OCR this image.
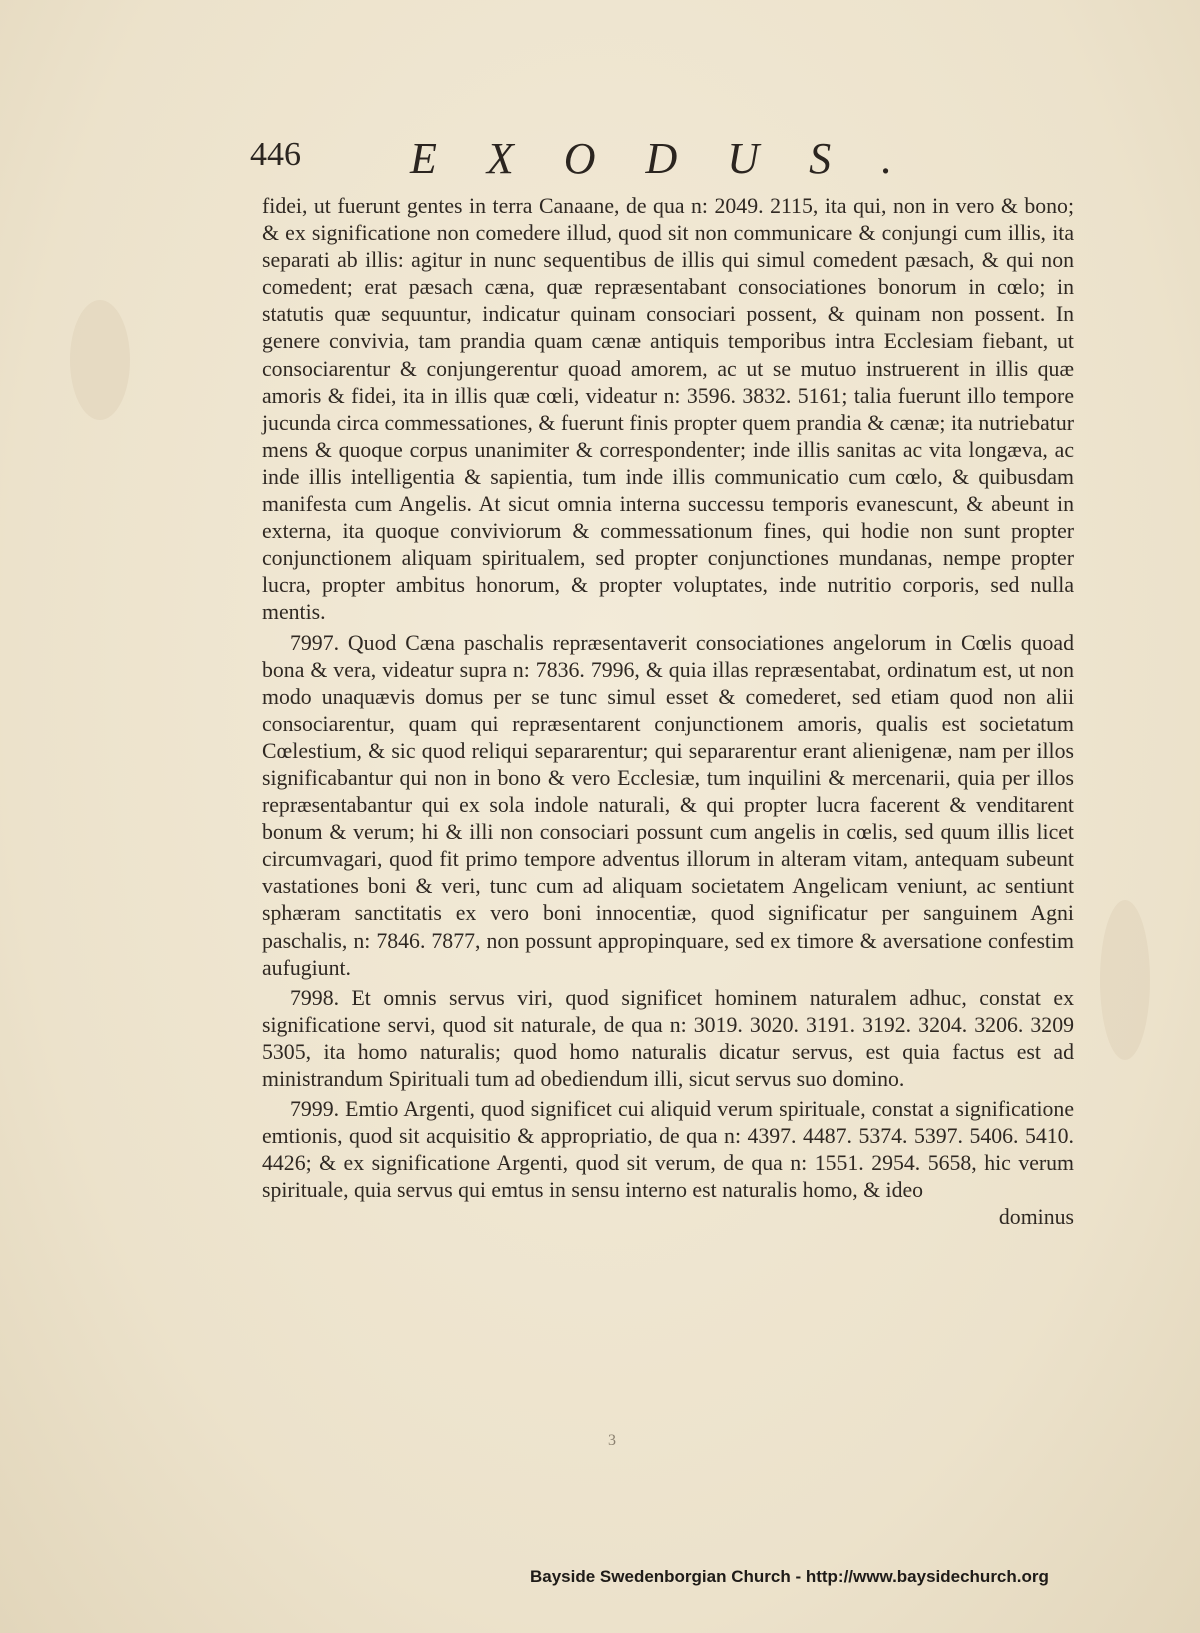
446 EXODUS.

fidei, ut fuerunt gentes in terra Canaane, de qua n: 2049. 2115, ita qui, non in vero & bono; & ex significatione non comedere illud, quod sit non communicare & conjungi cum illis, ita separati ab illis: agitur in nunc sequentibus de illis qui simul comedent pæsach, & qui non comedent; erat pæsach cæna, quæ repræsentabant consociationes bonorum in cœlo; in statutis quæ sequuntur, indicatur quinam consociari possent, & quinam non possent. In genere convivia, tam prandia quam cænæ antiquis temporibus intra Ecclesiam fiebant, ut consociarentur & conjungerentur quoad amorem, ac ut se mutuo instruerent in illis quæ amoris & fidei, ita in illis quæ cœli, videatur n: 3596. 3832. 5161; talia fuerunt illo tempore jucunda circa commessationes, & fuerunt finis propter quem prandia & cænæ; ita nutriebatur mens & quoque corpus unanimiter & correspondenter; inde illis sanitas ac vita longæva, ac inde illis intelligentia & sapientia, tum inde illis communicatio cum cœlo, & quibusdam manifesta cum Angelis. At sicut omnia interna successu temporis evanescunt, & abeunt in externa, ita quoque conviviorum & commessationum fines, qui hodie non sunt propter conjunctionem aliquam spiritualem, sed propter conjunctiones mundanas, nempe propter lucra, propter ambitus honorum, & propter voluptates, inde nutritio corporis, sed nulla mentis.

7997. Quod Cæna paschalis repræsentaverit consociationes angelorum in Cœlis quoad bona & vera, videatur supra n: 7836. 7996, & quia illas repræsentabat, ordinatum est, ut non modo unaquævis domus per se tunc simul esset & comederet, sed etiam quod non alii consociarentur, quam qui repræsentarent conjunctionem amoris, qualis est societatum Cœlestium, & sic quod reliqui separarentur; qui separarentur erant alienigenæ, nam per illos significabantur qui non in bono & vero Ecclesiæ, tum inquilini & mercenarii, quia per illos repræsentabantur qui ex sola indole naturali, & qui propter lucra facerent & venditarent bonum & verum; hi & illi non consociari possunt cum angelis in cœlis, sed quum illis licet circumvagari, quod fit primo tempore adventus illorum in alteram vitam, antequam subeunt vastationes boni & veri, tunc cum ad aliquam societatem Angelicam veniunt, ac sentiunt sphæram sanctitatis ex vero boni innocentiæ, quod significatur per sanguinem Agni paschalis, n: 7846. 7877, non possunt appropinquare, sed ex timore & aversatione confestim aufugiunt.

7998. Et omnis servus viri, quod significet hominem naturalem adhuc, constat ex significatione servi, quod sit naturale, de qua n: 3019. 3020. 3191. 3192. 3204. 3206. 3209 5305, ita homo naturalis; quod homo naturalis dicatur servus, est quia factus est ad ministrandum Spirituali tum ad obediendum illi, sicut servus suo domino.

7999. Emtio Argenti, quod significet cui aliquid verum spirituale, constat a significatione emtionis, quod sit acquisitio & appropriatio, de qua n: 4397. 4487. 5374. 5397. 5406. 5410. 4426; & ex significatione Argenti, quod sit verum, de qua n: 1551. 2954. 5658, hic verum spirituale, quia servus qui emtus in sensu interno est naturalis homo, & ideo

dominus

3
Bayside Swedenborgian Church - http://www.baysidechurch.org
